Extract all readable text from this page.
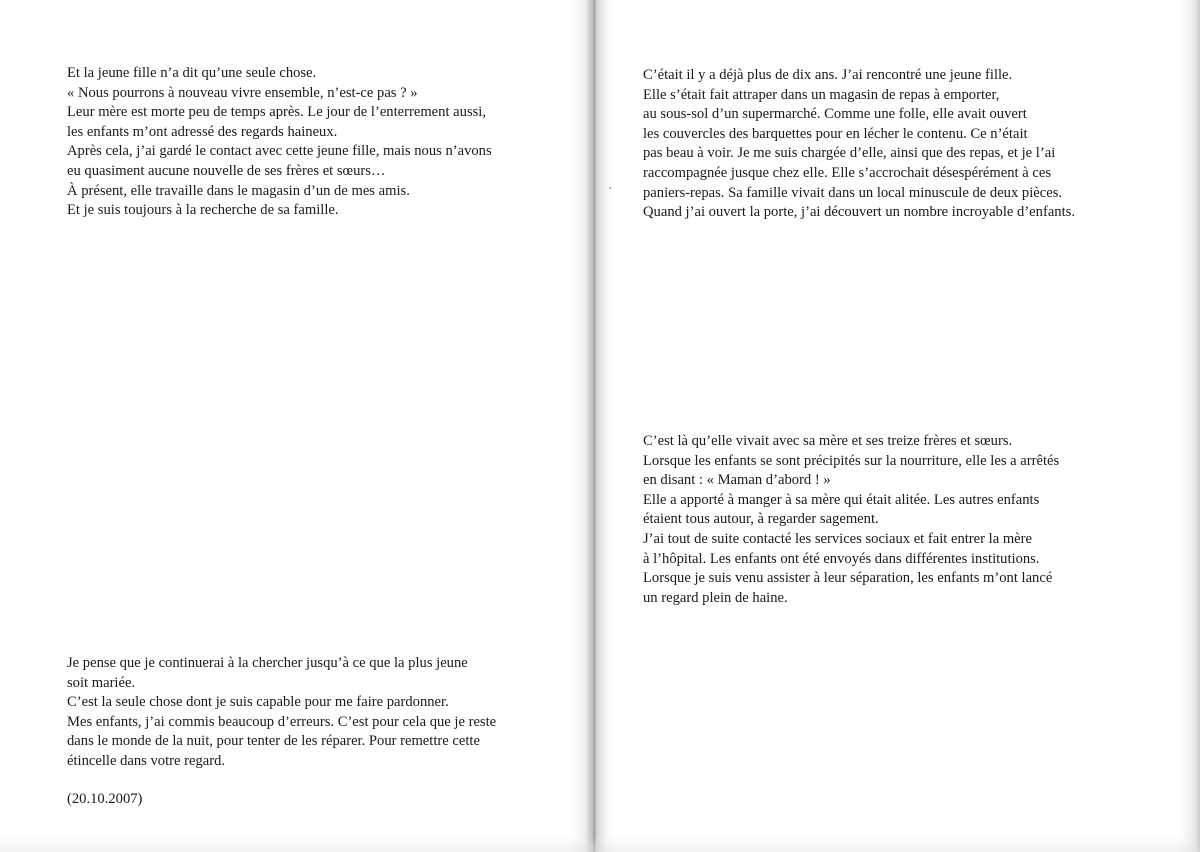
Et la jeune fille n’a dit qu’une seule chose.
« Nous pourrons à nouveau vivre ensemble, n’est-ce pas ? »
Leur mère est morte peu de temps après. Le jour de l’enterrement aussi,
les enfants m’ont adressé des regards haineux.
Après cela, j’ai gardé le contact avec cette jeune fille, mais nous n’avons
eu quasiment aucune nouvelle de ses frères et sœurs…
À présent, elle travaille dans le magasin d’un de mes amis.
Et je suis toujours à la recherche de sa famille.

Je pense que je continuerai à la chercher jusqu’à ce que la plus jeune
soit mariée.
C’est la seule chose dont je suis capable pour me faire pardonner.
Mes enfants, j’ai commis beaucoup d’erreurs. C’est pour cela que je reste
dans le monde de la nuit, pour tenter de les réparer. Pour remettre cette
étincelle dans votre regard.

(20.10.2007)

C’était il y a déjà plus de dix ans. J’ai rencontré une jeune fille.
Elle s’était fait attraper dans un magasin de repas à emporter,
au sous-sol d’un supermarché. Comme une folle, elle avait ouvert
les couvercles des barquettes pour en lécher le contenu. Ce n’était
pas beau à voir. Je me suis chargée d’elle, ainsi que des repas, et je l’ai
raccompagnée jusque chez elle. Elle s’accrochait désespérément à ces
paniers-repas. Sa famille vivait dans un local minuscule de deux pièces.
Quand j’ai ouvert la porte, j’ai découvert un nombre incroyable d’enfants.

C’est là qu’elle vivait avec sa mère et ses treize frères et sœurs.
Lorsque les enfants se sont précipités sur la nourriture, elle les a arrêtés
en disant : « Maman d’abord ! »
Elle a apporté à manger à sa mère qui était alitée. Les autres enfants
étaient tous autour, à regarder sagement.
J’ai tout de suite contacté les services sociaux et fait entrer la mère
à l’hôpital. Les enfants ont été envoyés dans différentes institutions.
Lorsque je suis venu assister à leur séparation, les enfants m’ont lancé
un regard plein de haine.
